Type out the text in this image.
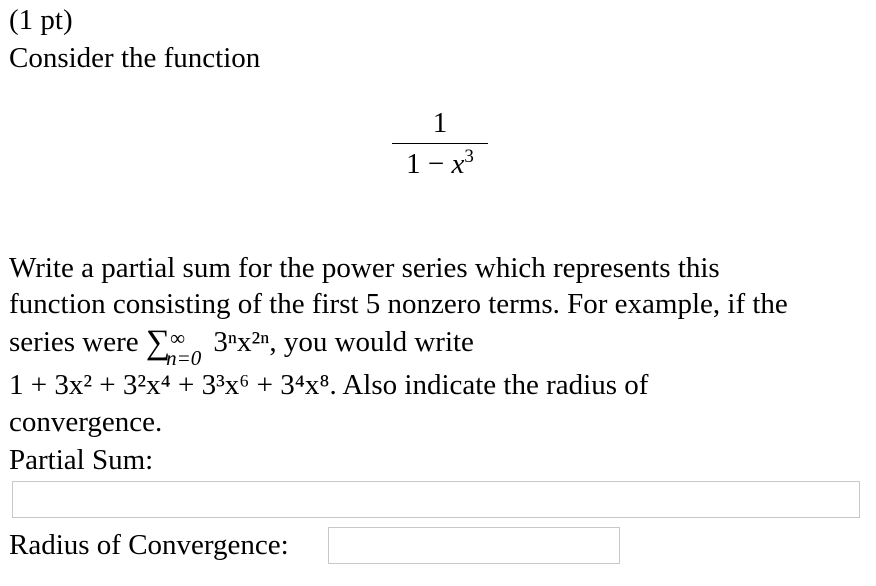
(1 pt)
Consider the function
1
$1 - x^3$
Write a partial sum for the power series which represents this
function consisting of the first 5 nonzero terms. For example, if the
series were ∑ ∞
n=0
3ⁿx²ⁿ, you would write
1 + 3x² + 3²x⁴ + 3³x⁶ + 3⁴x⁸. Also indicate the radius of
convergence.
Partial Sum:
Radius of Convergence:
